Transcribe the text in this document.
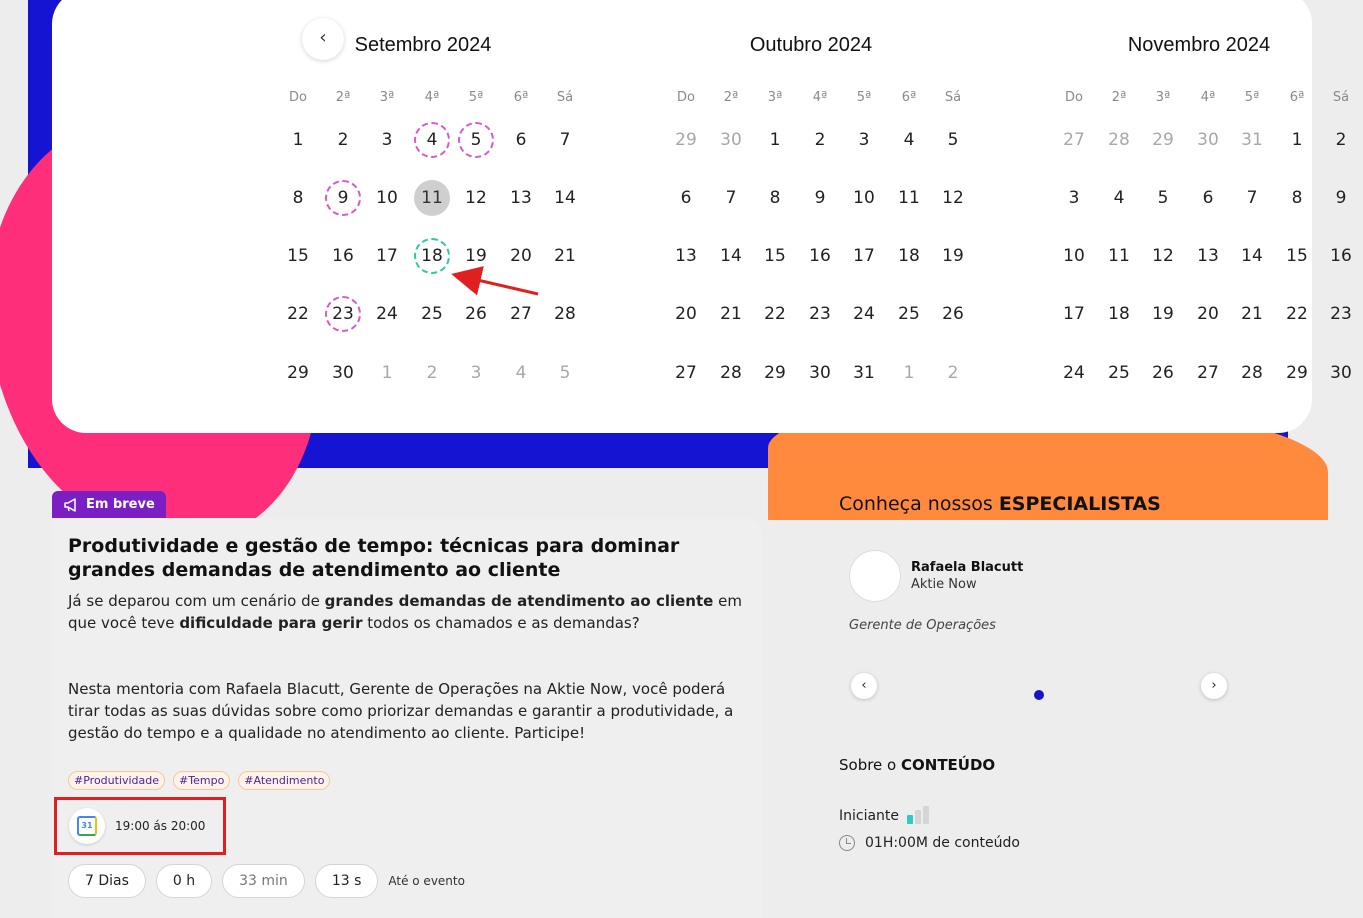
‹	Setembro 2024
Do	2ª	3ª	4ª	5ª	6ª	Sá
1	2	3	4	5	6	7
8	9	10	11	12	13	14
15	16	17	18	19	20	21
22	23	24	25	26	27	28
29	30	1	2	3	4	5
Outubro 2024
Do	2ª	3ª	4ª	5ª	6ª	Sá
29	30	1	2	3	4	5
6	7	8	9	10	11	12
13	14	15	16	17	18	19
20	21	22	23	24	25	26
27	28	29	30	31	1	2
Novembro 2024
Do	2ª	3ª	4ª	5ª	6ª	Sá
27	28	29	30	31	1	2
3	4	5	6	7	8	9
10	11	12	13	14	15	16
17	18	19	20	21	22	23
24	25	26	27	28	29	30
Em breve
Produtividade e gestão de tempo: técnicas para dominar grandes demandas de atendimento ao cliente

Já se deparou com um cenário de grandes demandas de atendimento ao cliente em que você teve dificuldade para gerir todos os chamados e as demandas?

Nesta mentoria com Rafaela Blacutt, Gerente de Operações na Aktie Now, você poderá tirar todas as suas dúvidas sobre como priorizar demandas e garantir a produtividade, a gestão do tempo e a qualidade no atendimento ao cliente. Participe!

#Produtividade	#Tempo	#Atendimento
31	19:00 ás 20:00
7 Dias	0 h	33 min	13 s	Até o evento
Conheça nossos ESPECIALISTAS
Rafaela Blacutt
Aktie Now
Gerente de Operações
‹	›
Sobre o CONTEÚDO
Iniciante
01H:00M de conteúdo
